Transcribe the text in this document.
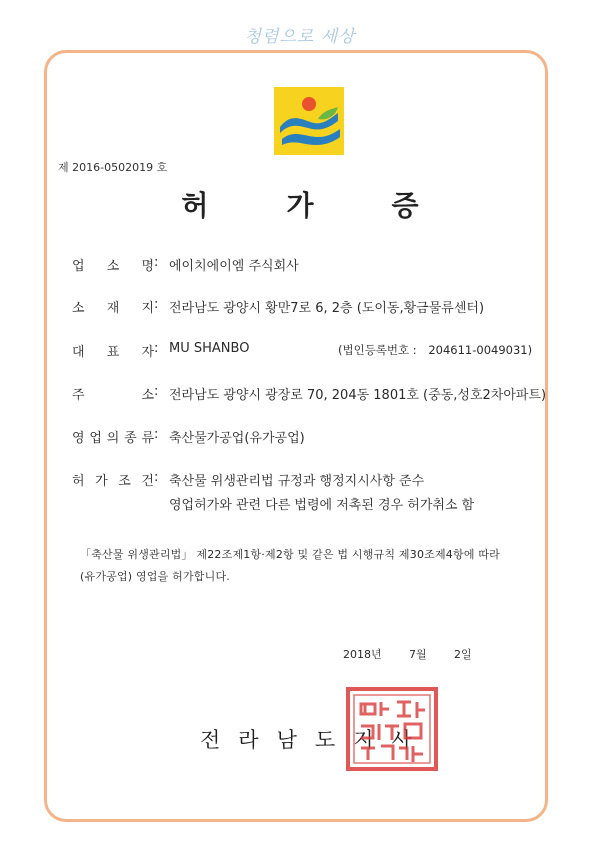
청렴으로 세상
제 2016-0502019 호
허	가	증
업 소 명 : 에이치에이엠 주식회사
소 재 지 : 전라남도 광양시 황만7로 6, 2층 (도이동,황금물류센터)
대 표 자 : MU SHANBO	(법인등록번호 : 204611-0049031)
주	소 : 전라남도 광양시 광장로 70, 204동 1801호 (중동,성호2차아파트)
영 업 의 종 류 : 축산물가공업(유가공업)
허 가 조 건 : 축산물 위생관리법 규정과 행정지시사항 준수
영업허가와 관련 다른 법령에 저촉된 경우 허가취소 함
「축산물 위생관리법」 제22조제1항·제2항 및 같은 법 시행규칙 제30조제4항에 따라
(유가공업) 영업을 허가합니다.
2018년 7월 2일
전 라 남 도 지 사
